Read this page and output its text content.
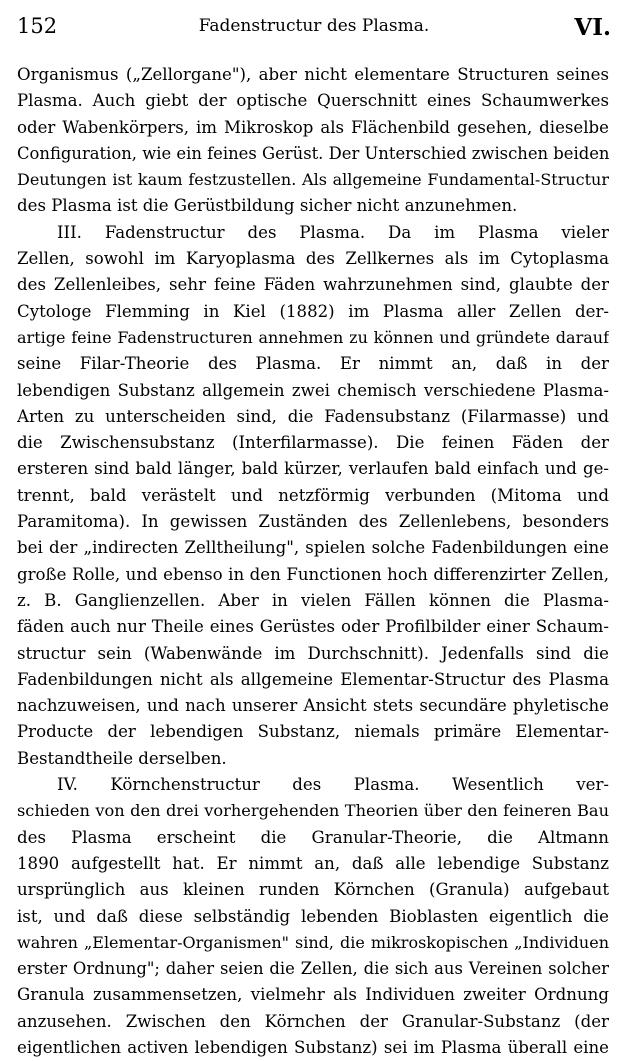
152	Fadenstructur des Plasma.	VI.
Organismus („Zellorgane"), aber nicht elementare Structuren seines
Plasma. Auch giebt der optische Querschnitt eines Schaumwerkes
oder Wabenkörpers, im Mikroskop als Flächenbild gesehen, dieselbe
Configuration, wie ein feines Gerüst. Der Unterschied zwischen beiden
Deutungen ist kaum festzustellen. Als allgemeine Fundamental-Structur
des Plasma ist die Gerüstbildung sicher nicht anzunehmen.
III. Fadenstructur des Plasma. Da im Plasma vieler
Zellen, sowohl im Karyoplasma des Zellkernes als im Cytoplasma
des Zellenleibes, sehr feine Fäden wahrzunehmen sind, glaubte der
Cytologe Flemming in Kiel (1882) im Plasma aller Zellen der-
artige feine Fadenstructuren annehmen zu können und gründete darauf
seine Filar-Theorie des Plasma. Er nimmt an, daß in der
lebendigen Substanz allgemein zwei chemisch verschiedene Plasma-
Arten zu unterscheiden sind, die Fadensubstanz (Filarmasse) und
die Zwischensubstanz (Interfilarmasse). Die feinen Fäden der
ersteren sind bald länger, bald kürzer, verlaufen bald einfach und ge-
trennt, bald verästelt und netzförmig verbunden (Mitoma und
Paramitoma). In gewissen Zuständen des Zellenlebens, besonders
bei der „indirecten Zelltheilung", spielen solche Fadenbildungen eine
große Rolle, und ebenso in den Functionen hoch differenzirter Zellen,
z. B. Ganglienzellen. Aber in vielen Fällen können die Plasma-
fäden auch nur Theile eines Gerüstes oder Profilbilder einer Schaum-
structur sein (Wabenwände im Durchschnitt). Jedenfalls sind die
Fadenbildungen nicht als allgemeine Elementar-Structur des Plasma
nachzuweisen, und nach unserer Ansicht stets secundäre phyletische
Producte der lebendigen Substanz, niemals primäre Elementar-
Bestandtheile derselben.
IV. Körnchenstructur des Plasma. Wesentlich ver-
schieden von den drei vorhergehenden Theorien über den feineren Bau
des Plasma erscheint die Granular-Theorie, die Altmann
1890 aufgestellt hat. Er nimmt an, daß alle lebendige Substanz
ursprünglich aus kleinen runden Körnchen (Granula) aufgebaut
ist, und daß diese selbständig lebenden Bioblasten eigentlich die
wahren „Elementar-Organismen" sind, die mikroskopischen „Individuen
erster Ordnung"; daher seien die Zellen, die sich aus Vereinen solcher
Granula zusammensetzen, vielmehr als Individuen zweiter Ordnung
anzusehen. Zwischen den Körnchen der Granular-Substanz (der
eigentlichen activen lebendigen Substanz) sei im Plasma überall eine
